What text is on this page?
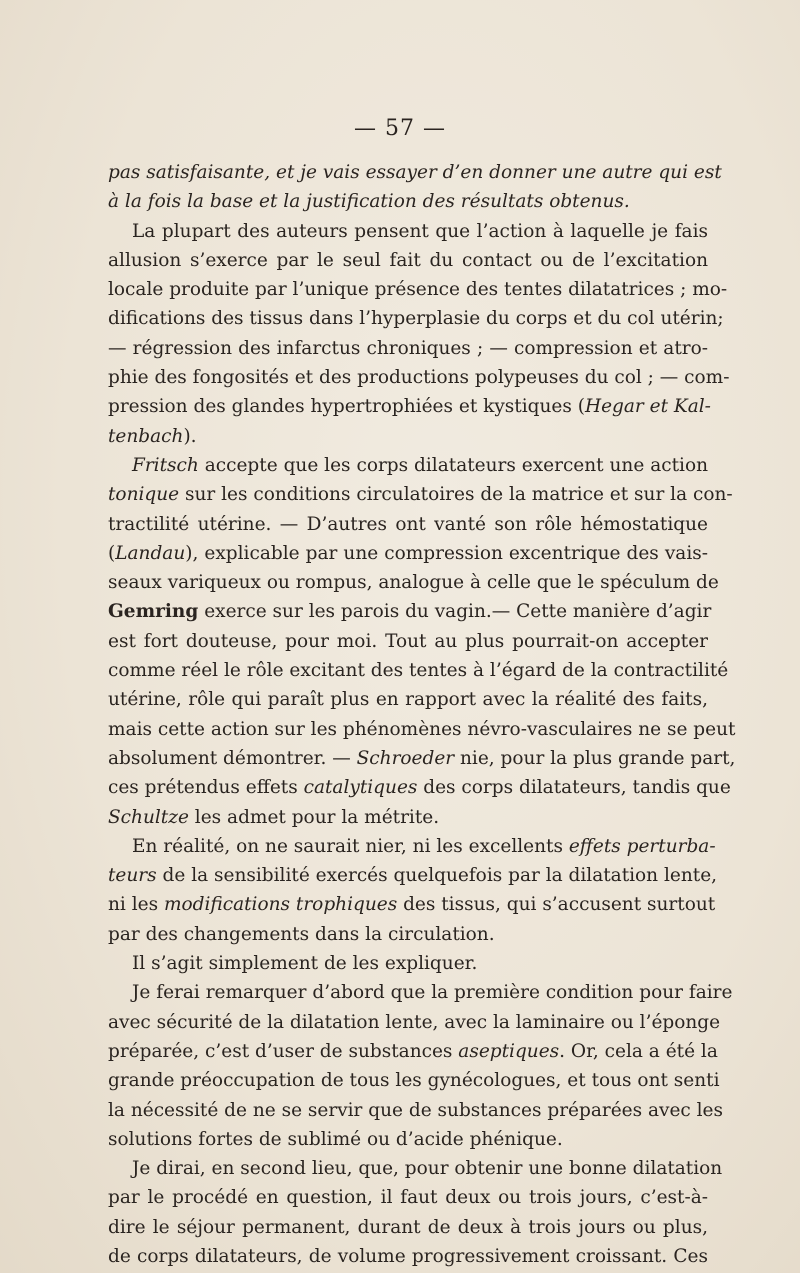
— 57 —
pas satisfaisante, et je vais essayer d’en donner une autre qui est
à la fois la base et la justification des résultats obtenus.
La plupart des auteurs pensent que l’action à laquelle je fais
allusion s’exerce par le seul fait du contact ou de l’excitation
locale produite par l’unique présence des tentes dilatatrices ; mo-
difications des tissus dans l’hyperplasie du corps et du col utérin;
— régression des infarctus chroniques ; — compression et atro-
phie des fongosités et des productions polypeuses du col ; — com-
pression des glandes hypertrophiées et kystiques (Hegar et Kal-
tenbach).
Fritsch accepte que les corps dilatateurs exercent une action
tonique sur les conditions circulatoires de la matrice et sur la con-
tractilité utérine. — D’autres ont vanté son rôle hémostatique
(Landau), explicable par une compression excentrique des vais-
seaux variqueux ou rompus, analogue à celle que le spéculum de
Gemring exerce sur les parois du vagin.— Cette manière d’agir
est fort douteuse, pour moi. Tout au plus pourrait-on accepter
comme réel le rôle excitant des tentes à l’égard de la contractilité
utérine, rôle qui paraît plus en rapport avec la réalité des faits,
mais cette action sur les phénomènes névro-vasculaires ne se peut
absolument démontrer. — Schroeder nie, pour la plus grande part,
ces prétendus effets catalytiques des corps dilatateurs, tandis que
Schultze les admet pour la métrite.
En réalité, on ne saurait nier, ni les excellents effets perturba-
teurs de la sensibilité exercés quelquefois par la dilatation lente,
ni les modifications trophiques des tissus, qui s’accusent surtout
par des changements dans la circulation.
Il s’agit simplement de les expliquer.
Je ferai remarquer d’abord que la première condition pour faire
avec sécurité de la dilatation lente, avec la laminaire ou l’éponge
préparée, c’est d’user de substances aseptiques. Or, cela a été la
grande préoccupation de tous les gynécologues, et tous ont senti
la nécessité de ne se servir que de substances préparées avec les
solutions fortes de sublimé ou d’acide phénique.
Je dirai, en second lieu, que, pour obtenir une bonne dilatation
par le procédé en question, il faut deux ou trois jours, c’est-à-
dire le séjour permanent, durant de deux à trois jours ou plus,
de corps dilatateurs, de volume progressivement croissant. Ces
